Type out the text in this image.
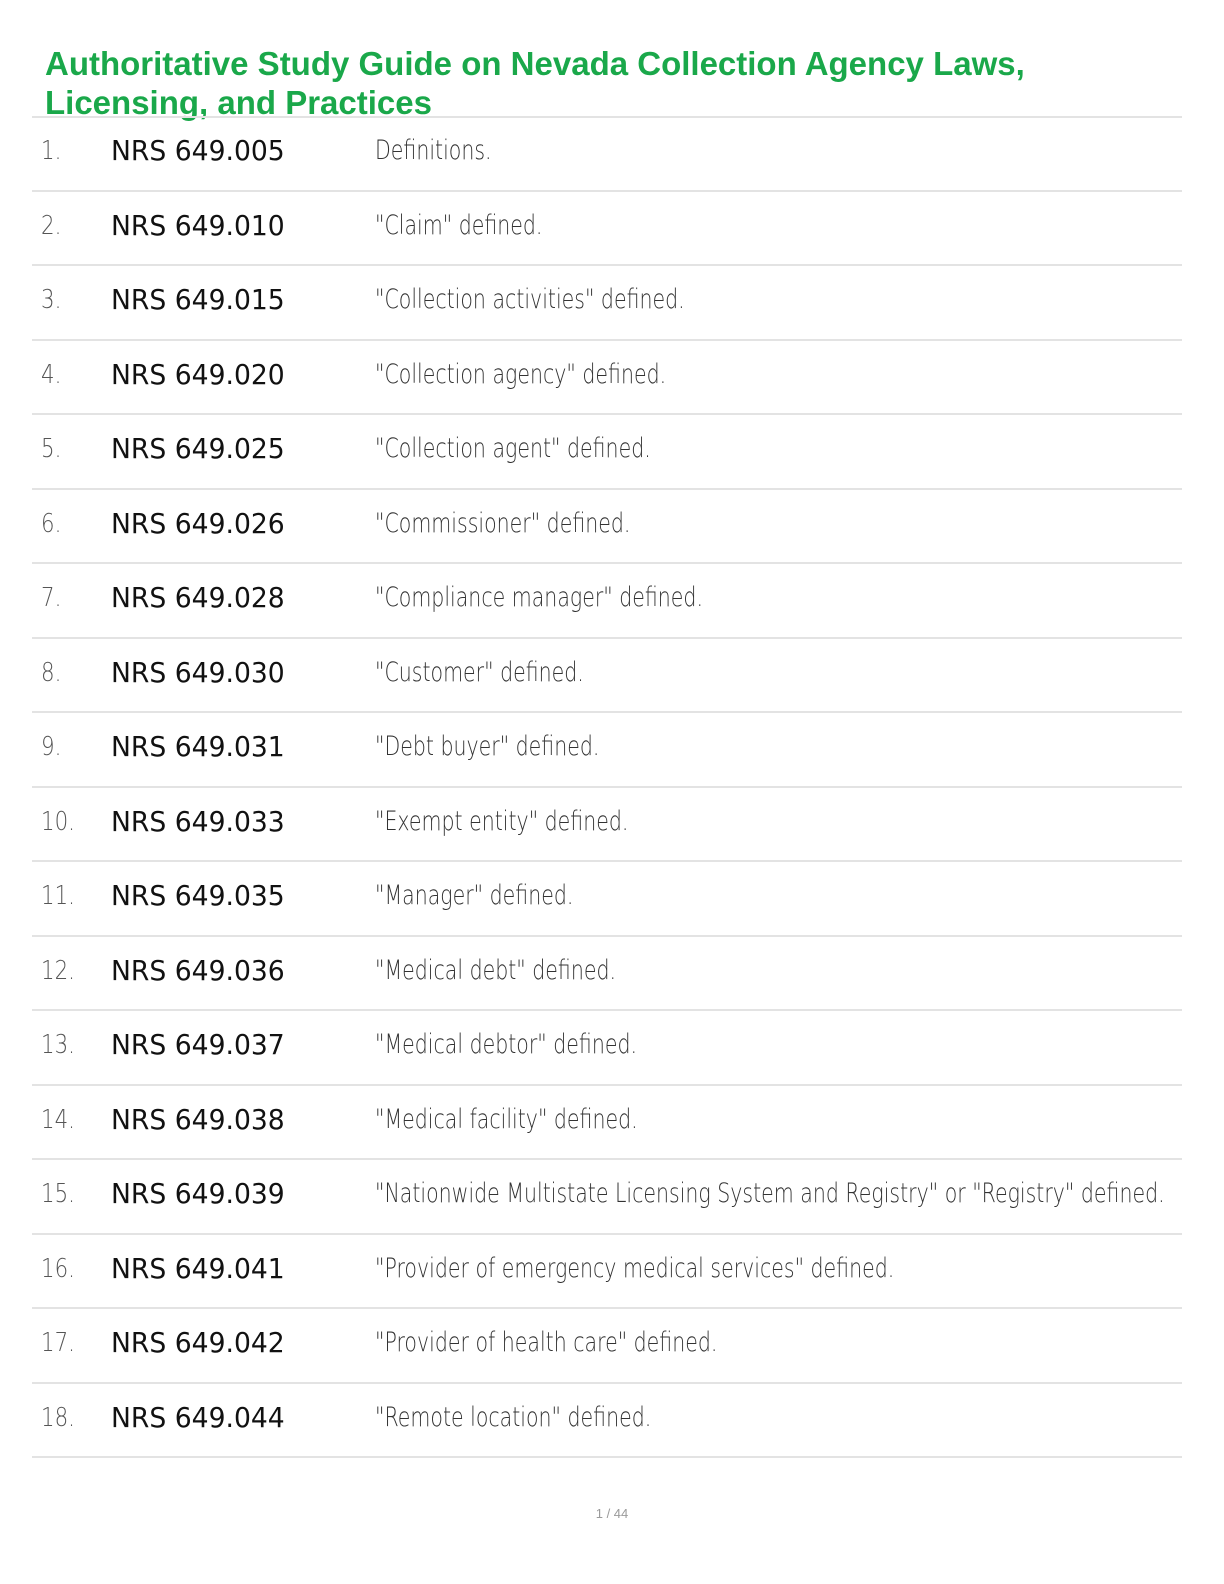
Authoritative Study Guide on Nevada Collection Agency Laws, Licensing, and Practices
1. NRS 649.005	Definitions.
2. NRS 649.010	"Claim" defined.
3. NRS 649.015	"Collection activities" defined.
4. NRS 649.020	"Collection agency" defined.
5. NRS 649.025	"Collection agent" defined.
6. NRS 649.026	"Commissioner" defined.
7. NRS 649.028	"Compliance manager" defined.
8. NRS 649.030	"Customer" defined.
9. NRS 649.031	"Debt buyer" defined.
10. NRS 649.033	"Exempt entity" defined.
11. NRS 649.035	"Manager" defined.
12. NRS 649.036	"Medical debt" defined.
13. NRS 649.037	"Medical debtor" defined.
14. NRS 649.038	"Medical facility" defined.
15. NRS 649.039	"Nationwide Multistate Licensing System and Registry" or "Registry" defined.
16. NRS 649.041	"Provider of emergency medical services" defined.
17. NRS 649.042	"Provider of health care" defined.
18. NRS 649.044	"Remote location" defined.
1 / 44
